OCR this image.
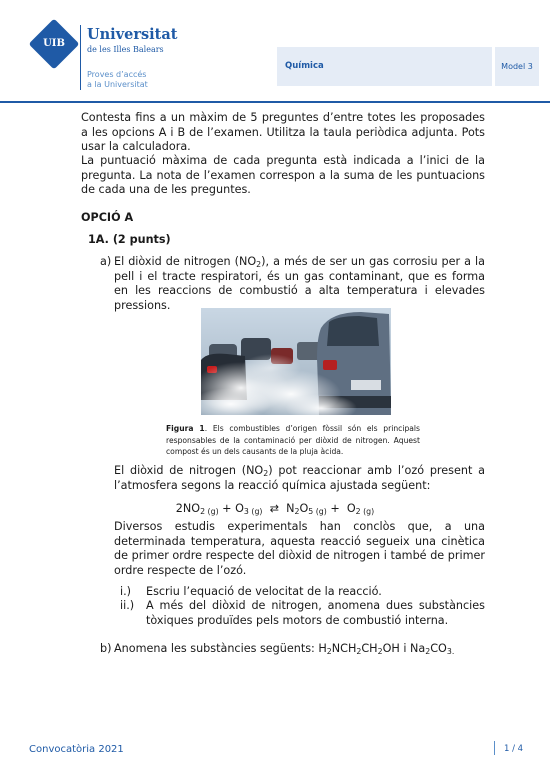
UIB
Universitat
de les Illes Balears
Proves d’accés
a la Universitat
Química	Model 3
Contesta fins a un màxim de 5 preguntes d’entre totes les proposades a les opcions A i B de l’examen. Utilitza la taula periòdica adjunta. Pots usar la calculadora.
La puntuació màxima de cada pregunta està indicada a l’inici de la pregunta. La nota de l’examen correspon a la suma de les puntuacions de cada una de les preguntes.
OPCIÓ A
1A. (2 punts)
a) El diòxid de nitrogen $(NO_2)$, a més de ser un gas corrosiu per a la pell i el tracte respiratori, és un gas contaminant, que es forma en les reaccions de combustió a alta temperatura i elevades pressions.
Figura 1. Els combustibles d’origen fòssil són els principals responsables de la contaminació per diòxid de nitrogen. Aquest compost és un dels causants de la pluja àcida.
El diòxid de nitrogen $(NO_2)$ pot reaccionar amb l’ozó present a l’atmosfera segons la reacció química ajustada següent:
$2NO_{2 (g)} + O_{3 (g)}$  ⇄  $N_2O_{5 (g)} + O_{2 (g)}$
Diversos estudis experimentals han conclòs que, a una determinada temperatura, aquesta reacció segueix una cinètica de primer ordre respecte del diòxid de nitrogen i també de primer ordre respecte de l’ozó.
i.) Escriu l’equació de velocitat de la reacció.
ii.) A més del diòxid de nitrogen, anomena dues substàncies tòxiques produïdes pels motors de combustió interna.
b) Anomena les substàncies següents: $H_2NCH_2CH_2OH$ i $Na_2CO_{3.}$
Convocatòria 2021	1 / 4
